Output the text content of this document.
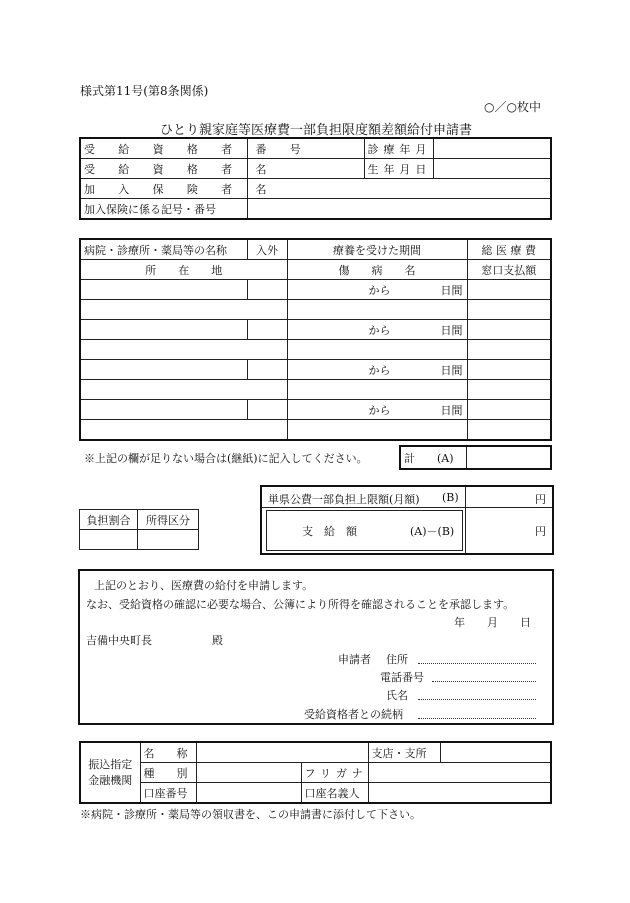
様式第11号(第8条関係)
○／○枚中
ひとり親家庭等医療費一部負担限度額差額給付申請書
受 給 資 格 者 番 号		診療年月	
受 給 資 格 者 名		生年月日	
加 入 保 険 者 名			
加入保険に係る記号・番号			
病院・診療所・薬局等の名称	入外	療養を受けた期間	総 医 療 費
所　　在　　地		傷　　病　　名	窓口支払額
		から 日間	

		から 日間	

		から 日間	

		から 日間	

※上記の欄が足りない場合は(継紙)に記入してください。	計 (A)	
単県公費一部負担上限額(月額) (B)	円
支　給　額	(A)－(B)	円
負担割合	所得区分

上記のとおり、医療費の給付を申請します。
なお、受給資格の確認に必要な場合、公簿により所得を確認されることを承認します。
年　　月　　日
吉備中央町長	殿
申請者 住所
電話番号
氏名
受給資格者との続柄
振込指定
金融機関	名　　称			支店・支所	
	種　　別		フリガナ		
	口座番号		口座名義人		
※病院・診療所・薬局等の領収書を、この申請書に添付して下さい。
